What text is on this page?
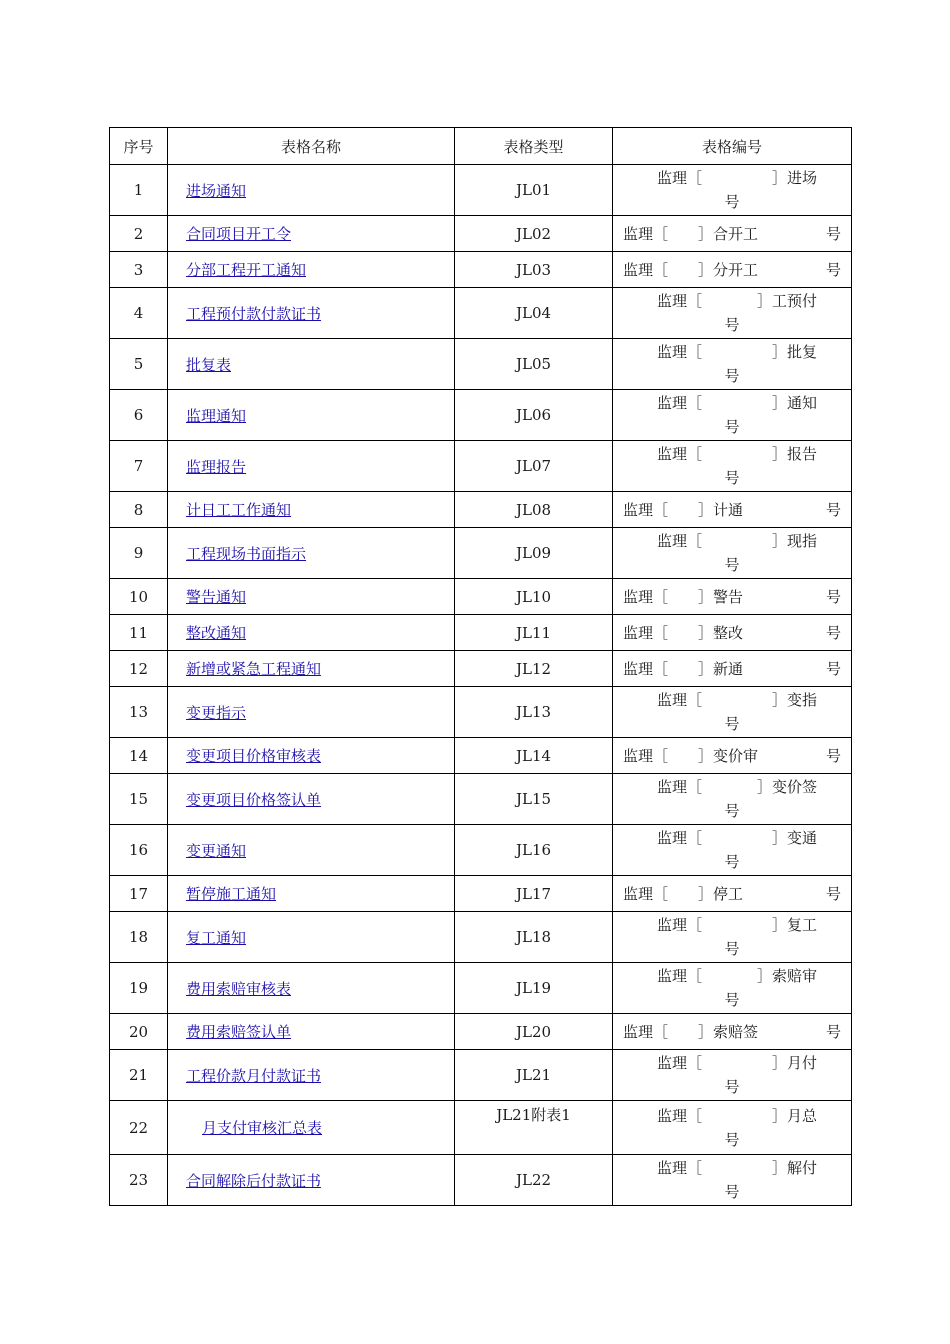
序号	表格名称	表格类型	表格编号
1	进场通知	JL01	监理［ ］进场
号

2	合同项目开工令	JL02	监理［ ］合开工 号

3	分部工程开工通知	JL03	监理［ ］分开工 号

4	工程预付款付款证书	JL04	监理［ ］工预付
号

5	批复表	JL05	监理［ ］批复
号

6	监理通知	JL06	监理［ ］通知
号

7	监理报告	JL07	监理［ ］报告
号

8	计日工工作通知	JL08	监理［ ］计通 号

9	工程现场书面指示	JL09	监理［ ］现指
号

10	警告通知	JL10	监理［ ］警告 号

11	整改通知	JL11	监理［ ］整改 号

12	新增或紧急工程通知	JL12	监理［ ］新通 号

13	变更指示	JL13	监理［ ］变指
号

14	变更项目价格审核表	JL14	监理［ ］变价审 号

15	变更项目价格签认单	JL15	监理［ ］变价签
号

16	变更通知	JL16	监理［ ］变通
号

17	暂停施工通知	JL17	监理［ ］停工 号

18	复工通知	JL18	监理［ ］复工
号

19	费用索赔审核表	JL19	监理［ ］索赔审
号

20	费用索赔签认单	JL20	监理［ ］索赔签 号

21	工程价款月付款证书	JL21	监理［ ］月付
号

22	月支付审核汇总表	JL21附表1	监理［ ］月总
号

23	合同解除后付款证书	JL22	监理［ ］解付
号
